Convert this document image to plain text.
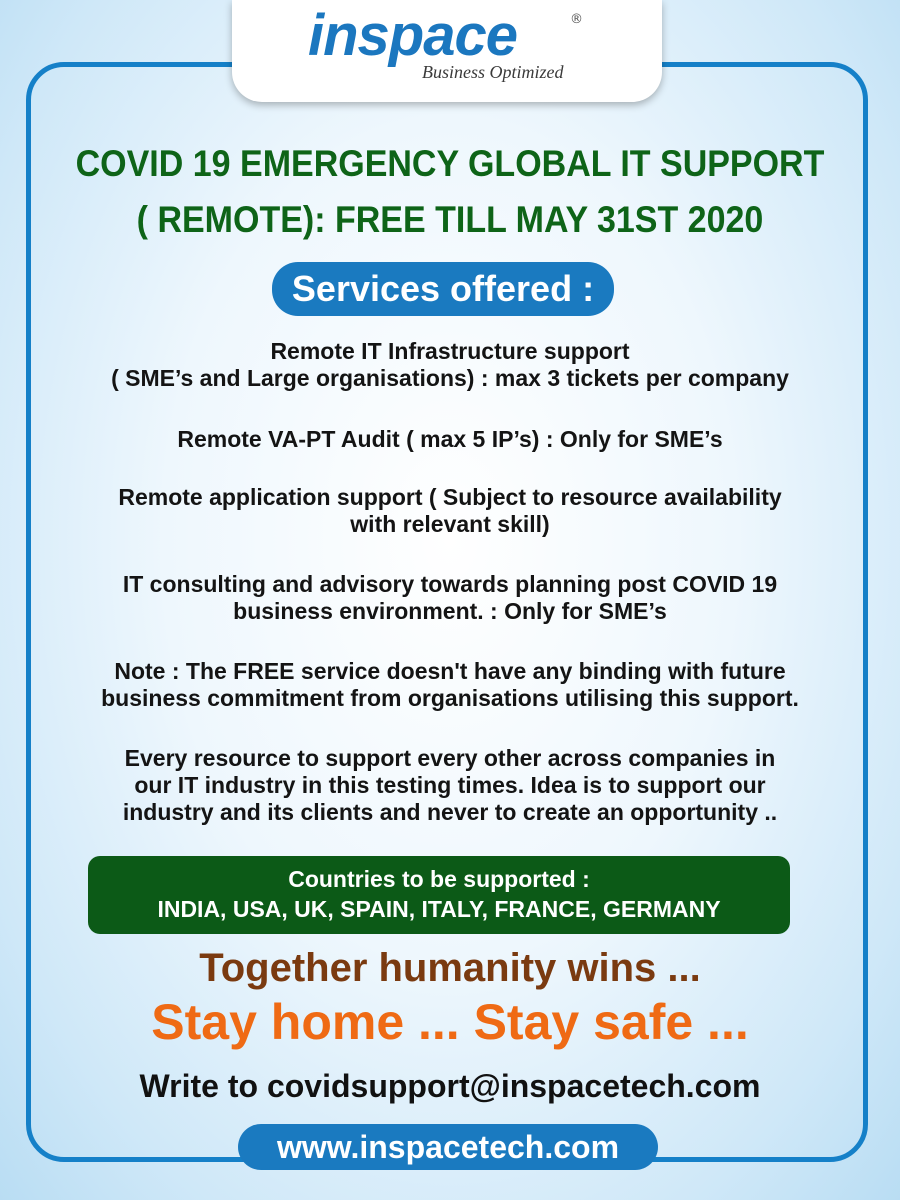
inspace	®
Business Optimized
COVID 19 EMERGENCY GLOBAL IT SUPPORT
( REMOTE): FREE TILL MAY 31ST 2020
Services offered :
Remote IT Infrastructure support
( SME’s and Large organisations) : max 3 tickets per company
Remote VA-PT Audit ( max 5 IP’s) : Only for SME’s
Remote application support ( Subject to resource availability
with relevant skill)
IT consulting and advisory towards planning post COVID 19
business environment. : Only for SME’s
Note : The FREE service doesn't have any binding with future
business commitment from organisations utilising this support.
Every resource to support every other across companies in
our IT industry in this testing times. Idea is to support our
industry and its clients and never to create an opportunity ..
Countries to be supported :
INDIA, USA, UK, SPAIN, ITALY, FRANCE, GERMANY
Together humanity wins ...
Stay home ... Stay safe ...
Write to covidsupport@inspacetech.com
www.inspacetech.com
